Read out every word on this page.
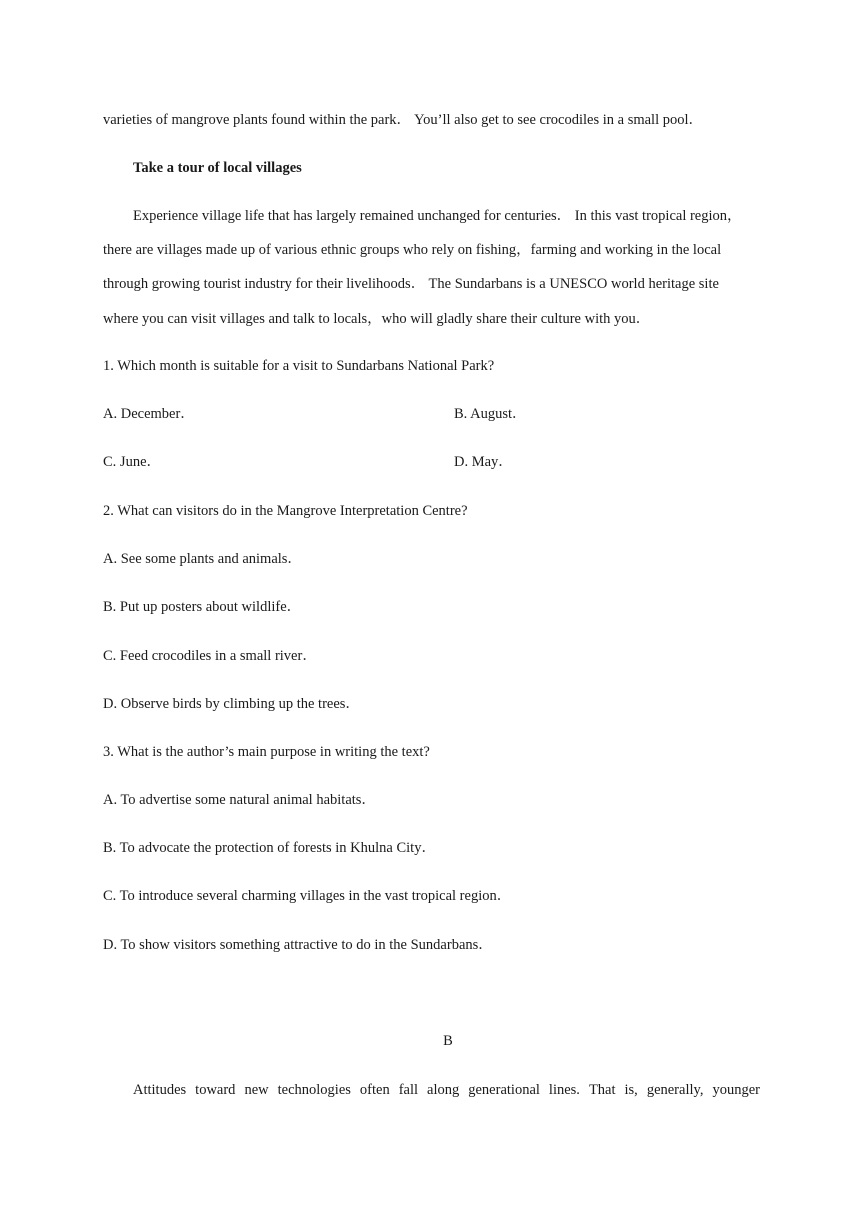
varieties of mangrove plants found within the park． You’ll also get to see crocodiles in a small pool．
Take a tour of local villages
Experience village life that has largely remained unchanged for centuries． In this vast tropical region，
there are villages made up of various ethnic groups who rely on fishing，farming and working in the local
through growing tourist industry for their livelihoods． The Sundarbans is a UNESCO world heritage site
where you can visit villages and talk to locals，who will gladly share their culture with you．
1. Which month is suitable for a visit to Sundarbans National Park?
A. December．	B. August．
C. June．	D. May．
2. What can visitors do in the Mangrove Interpretation Centre?
A. See some plants and animals．
B. Put up posters about wildlife．
C. Feed crocodiles in a small river．
D. Observe birds by climbing up the trees．
3. What is the author’s main purpose in writing the text?
A. To advertise some natural animal habitats．
B. To advocate the protection of forests in Khulna City．
C. To introduce several charming villages in the vast tropical region．
D. To show visitors something attractive to do in the Sundarbans．
B
Attitudes toward new technologies often fall along generational lines. That is, generally, younger
